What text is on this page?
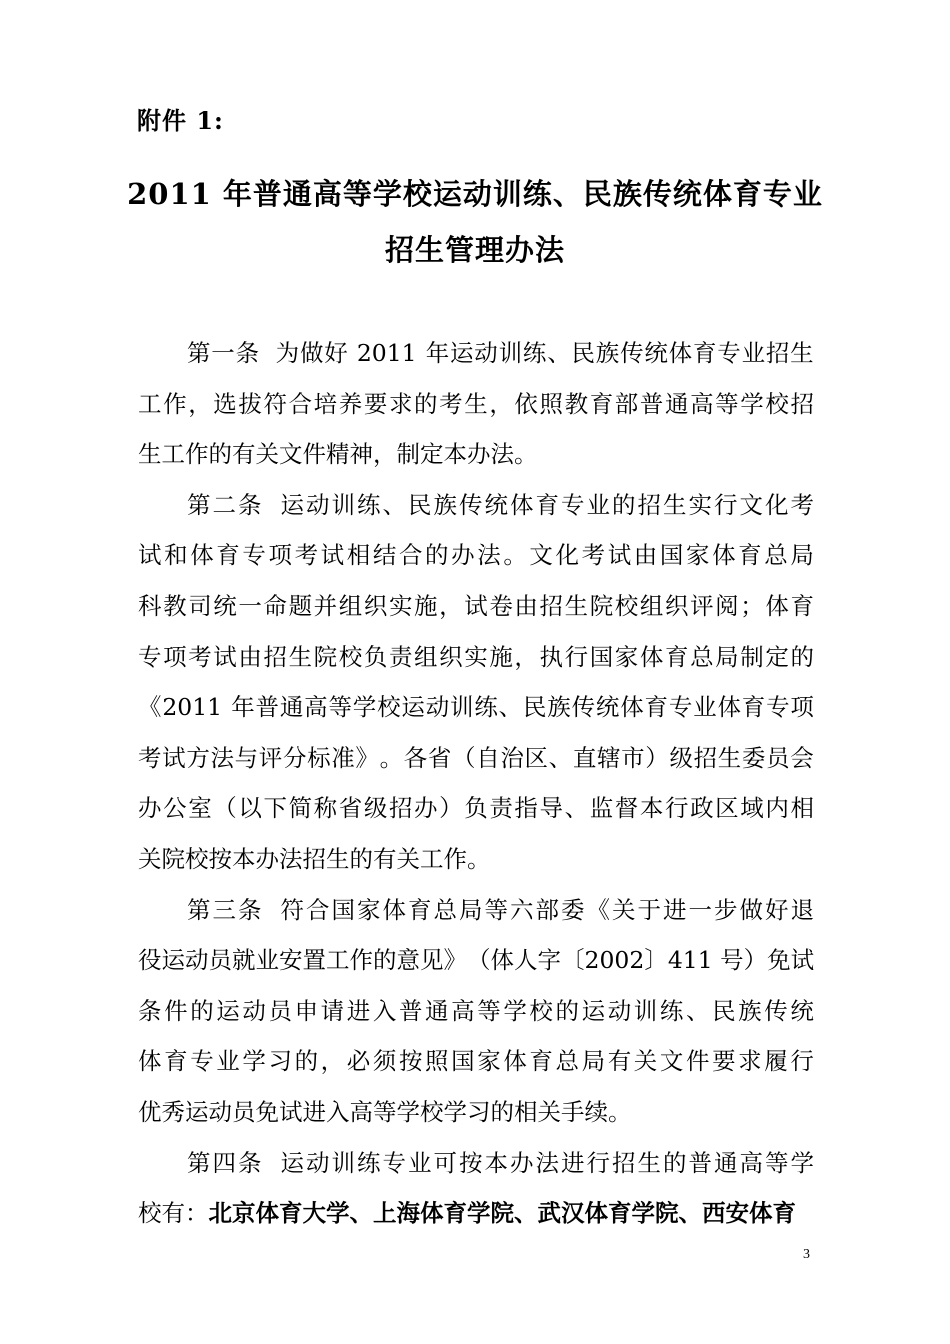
附件 1:
2011 年普通高等学校运动训练、民族传统体育专业
招生管理办法
第 一 条
为 做 好
2011
年 运 动 训 练 、 民 族 传 统 体 育 专 业 招 生
工 作 ， 选 拔 符 合 培 养 要 求 的 考 生 ， 依 照 教 育 部 普 通 高 等 学 校 招
生工作的有关文件精神，制定本办法。
第 二 条
运 动 训 练 、 民 族 传 统 体 育 专 业 的 招 生 实 行 文 化 考
试 和 体 育 专 项 考 试 相 结 合 的 办 法 。 文 化 考 试 由 国 家 体 育 总 局
科 教 司 统 一 命 题 并 组 织 实 施 ， 试 卷 由 招 生 院 校 组 织 评 阅 ； 体 育
专 项 考 试 由 招 生 院 校 负 责 组 织 实 施 ， 执 行 国 家 体 育 总 局 制 定 的
《 2011
年 普 通 高 等 学 校 运 动 训 练 、 民 族 传 统 体 育 专 业 体 育 专 项
考 试 方 法 与 评 分 标 准 》 。 各 省 （ 自 治 区 、 直 辖 市 ） 级 招 生 委 员 会
办 公 室 （ 以 下 简 称 省 级 招 办 ） 负 责 指 导 、 监 督 本 行 政 区 域 内 相
关院校按本办法招生的有关工作。
第 三 条
符 合 国 家 体 育 总 局 等 六 部 委 《 关 于 进 一 步 做 好 退
役 运 动 员 就 业 安 置 工 作 的 意 见 》 （ 体 人 字 〔 2002 〕 411
号 ） 免 试
条 件 的 运 动 员 申 请 进 入 普 通 高 等 学 校 的 运 动 训 练 、 民 族 传 统
体 育 专 业 学 习 的 ， 必 须 按 照 国 家 体 育 总 局 有 关 文 件 要 求 履 行
优秀运动员免试进入高等学校学习的相关手续。
第 四 条
运 动 训 练 专 业 可 按 本 办 法 进 行 招 生 的 普 通 高 等 学
校有： 北京体育大学、上海体育学院、武汉体育学院、西安体育
3
